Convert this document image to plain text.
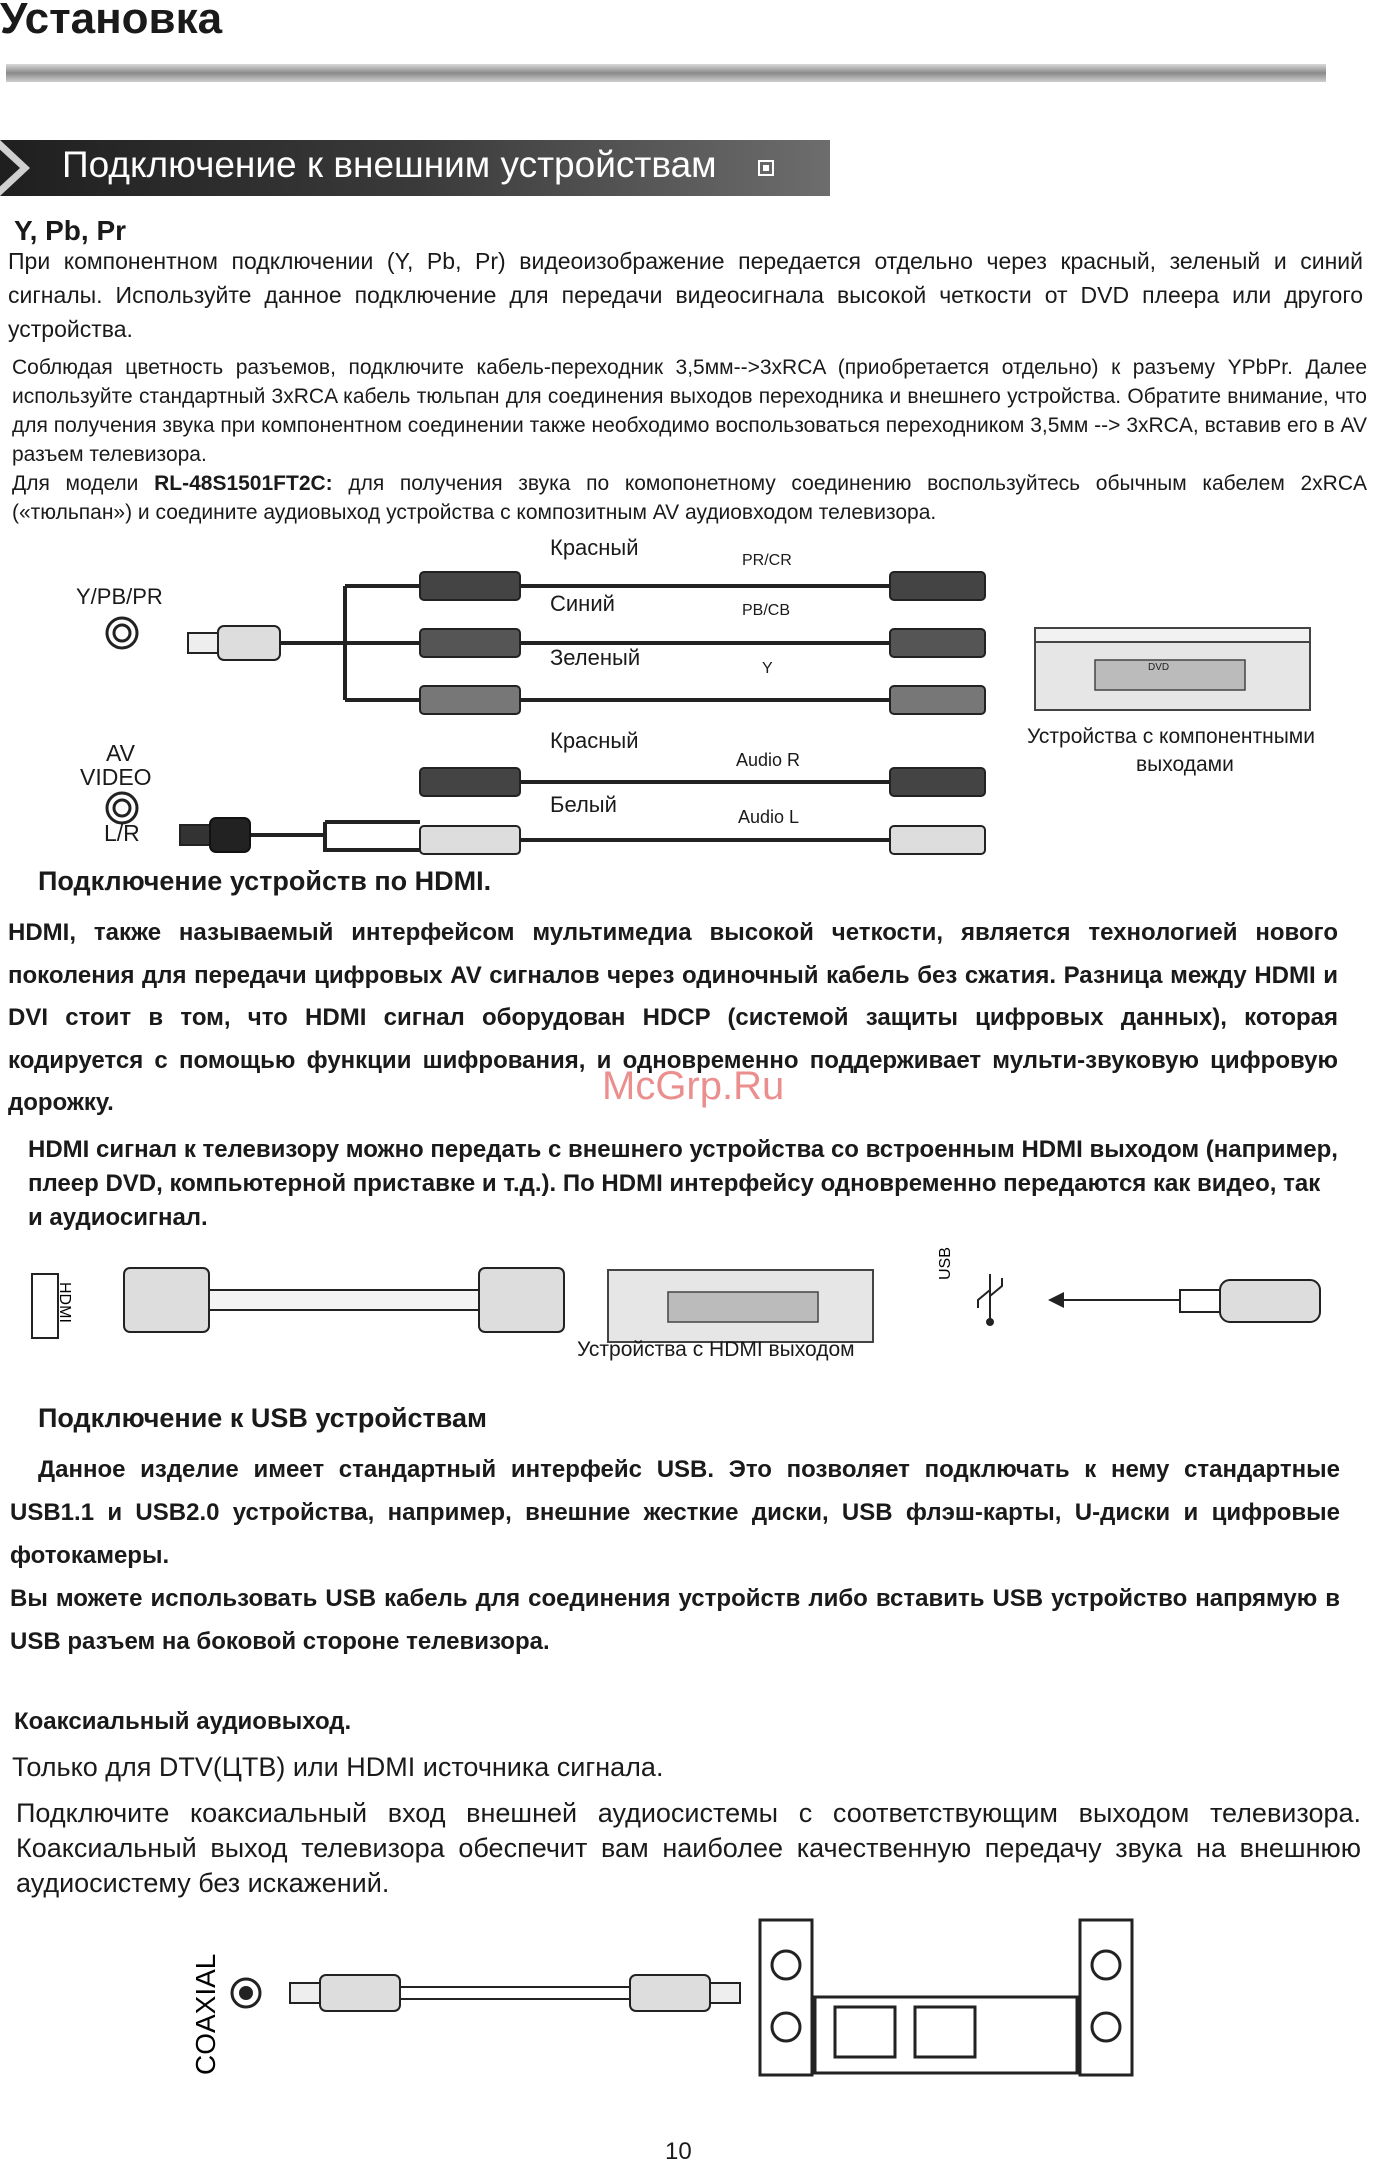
Установка
Подключение к внешним устройствам
Y, Pb, Pr
При компонентном подключении (Y, Pb, Pr) видеоизображение передается отдельно через красный, зеленый и синий сигналы. Используйте данное подключение для передачи видеосигнала высокой четкости от DVD плеера или другого устройства.
Соблюдая цветность разъемов, подключите кабель-переходник 3,5мм-->3xRCA (приобретается отдельно) к разъему YPbPr. Далее используйте стандартный 3xRCA кабель тюльпан для соединения выходов переходника и внешнего устройства. Обратите внимание, что для получения звука при компонентном соединении также необходимо воспользоваться переходником 3,5мм --> 3xRCA, вставив его в AV разъем телевизора.
Для модели RL-48S1501FT2C: для получения звука по комопонетному соединению воспользуйтесь обычным кабелем 2xRCA («тюльпан») и соедините аудиовыход устройства с композитным AV аудиовходом телевизора.
DVD
Y/PB/PR
AV
VIDEO
L/R
Красный
Синий
Зеленый
Красный
Белый
PR/CR
PB/CB
Y
Audio R
Audio L
Устройства с компонентными
выходами
Подключение устройств по HDMI.
HDMI, также называемый интерфейсом мультимедиа высокой четкости, является технологией нового поколения для передачи цифровых AV сигналов через одиночный кабель без сжатия. Разница между HDMI и DVI стоит в том, что HDMI сигнал оборудован HDCP (системой защиты цифровых данных), которая кодируется с помощью функции шифрования, и одновременно поддерживает мульти-звуковую цифровую дорожку.	McGrp.Ru
HDMI сигнал к телевизору можно передать с внешнего устройства со встроенным HDMI выходом (например, плеер DVD, компьютерной приставке и т.д.). По HDMI интерфейсу одновременно передаются как видео, так и аудиосигнал.
HDMI
USB
Устройства с HDMI выходом
Подключение к USB устройствам
Данное изделие имеет стандартный интерфейс USB. Это позволяет подключать к нему стандартные USB1.1 и USB2.0 устройства, например, внешние жесткие диски, USB флэш-карты, U-диски и цифровые фотокамеры.
Вы можете использовать USB кабель для соединения устройств либо вставить USB устройство напрямую в USB разъем на боковой стороне телевизора.
Коаксиальный аудиовыход.
Только для DTV(ЦТВ) или HDMI источника сигнала.
Подключите коаксиальный вход внешней аудиосистемы с соответствующим выходом телевизора. Коаксиальный выход телевизора обеспечит вам наиболее качественную передачу звука на внешнюю аудиосистему без искажений.
COAXIAL
10
